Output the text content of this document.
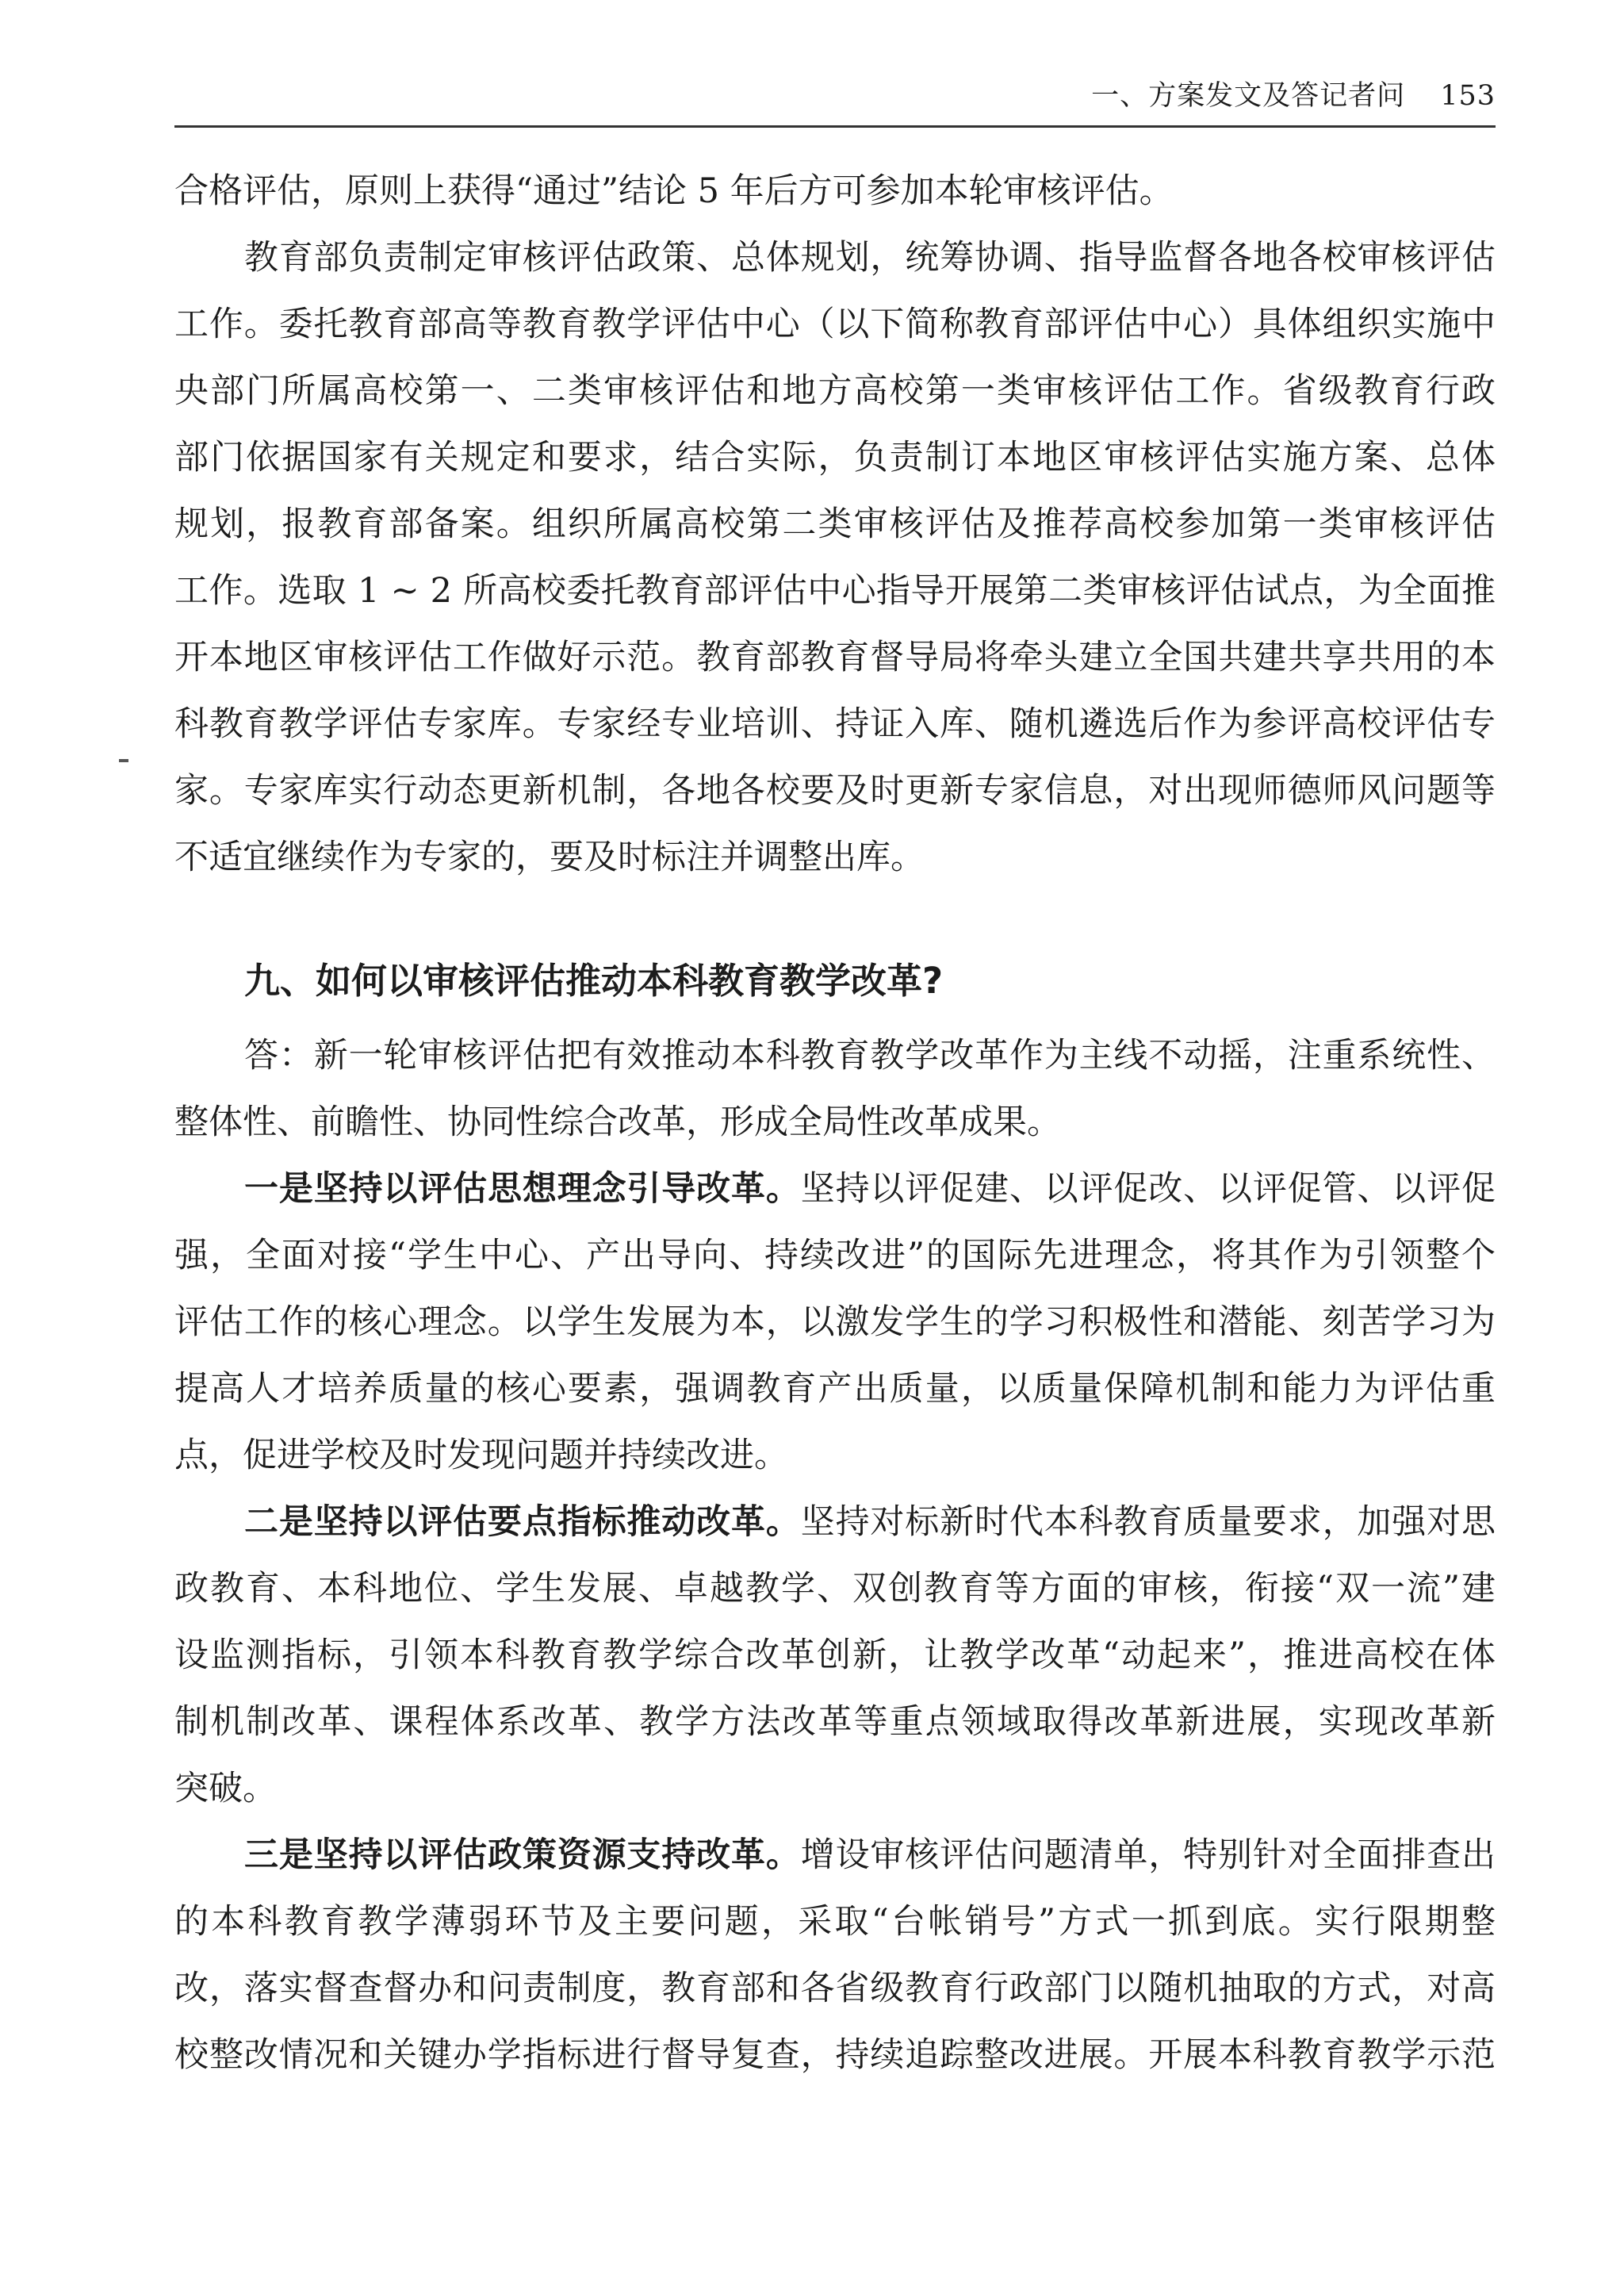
一、方案发文及答记者问 153
合格评估，原则上获得“通过”结论 5 年后方可参加本轮审核评估。
教育部负责制定审核评估政策、总体规划，统筹协调、指导监督各地各校审核评估
工作。委托教育部高等教育教学评估中心（以下简称教育部评估中心）具体组织实施中
央部门所属高校第一、二类审核评估和地方高校第一类审核评估工作。省级教育行政
部门依据国家有关规定和要求，结合实际，负责制订本地区审核评估实施方案、总体
规划，报教育部备案。组织所属高校第二类审核评估及推荐高校参加第一类审核评估
工作。选取 1 ~ 2 所高校委托教育部评估中心指导开展第二类审核评估试点，为全面推
开本地区审核评估工作做好示范。教育部教育督导局将牵头建立全国共建共享共用的本
科教育教学评估专家库。专家经专业培训、持证入库、随机遴选后作为参评高校评估专
家。专家库实行动态更新机制，各地各校要及时更新专家信息，对出现师德师风问题等
不适宜继续作为专家的，要及时标注并调整出库。
九、如何以审核评估推动本科教育教学改革?
答：新一轮审核评估把有效推动本科教育教学改革作为主线不动摇，注重系统性、
整体性、前瞻性、协同性综合改革，形成全局性改革成果。
一是坚持以评估思想理念引导改革。坚持以评促建、以评促改、以评促管、以评促
强，全面对接“学生中心、产出导向、持续改进”的国际先进理念，将其作为引领整个
评估工作的核心理念。以学生发展为本，以激发学生的学习积极性和潜能、刻苦学习为
提高人才培养质量的核心要素，强调教育产出质量，以质量保障机制和能力为评估重
点，促进学校及时发现问题并持续改进。
二是坚持以评估要点指标推动改革。坚持对标新时代本科教育质量要求，加强对思
政教育、本科地位、学生发展、卓越教学、双创教育等方面的审核，衔接“双一流”建
设监测指标，引领本科教育教学综合改革创新，让教学改革“动起来”，推进高校在体
制机制改革、课程体系改革、教学方法改革等重点领域取得改革新进展，实现改革新
突破。
三是坚持以评估政策资源支持改革。增设审核评估问题清单，特别针对全面排查出
的本科教育教学薄弱环节及主要问题，采取“台帐销号”方式一抓到底。实行限期整
改，落实督查督办和问责制度，教育部和各省级教育行政部门以随机抽取的方式，对高
校整改情况和关键办学指标进行督导复查，持续追踪整改进展。开展本科教育教学示范
